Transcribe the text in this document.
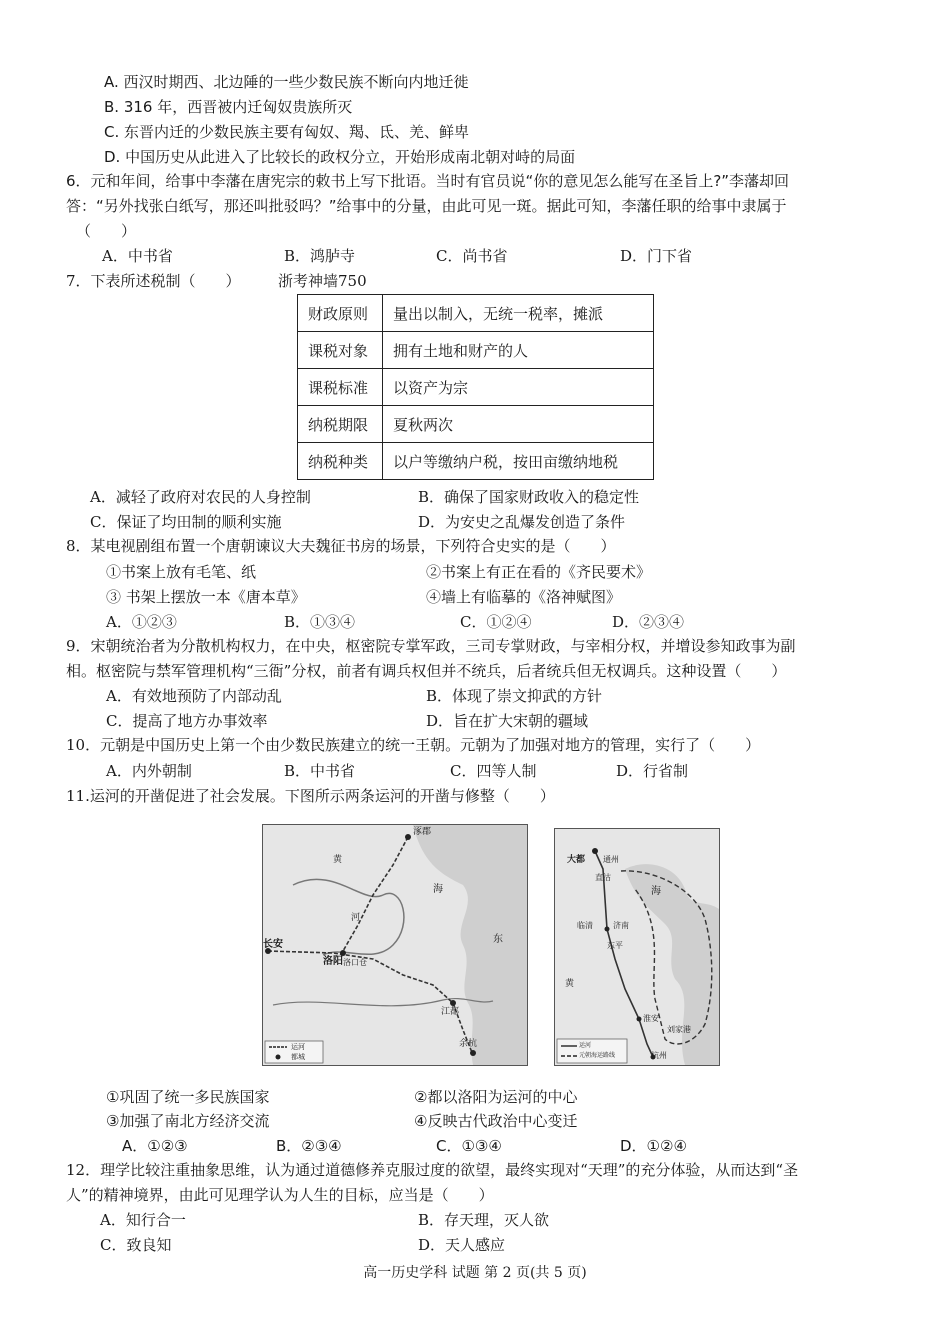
A. 西汉时期西、北边陲的一些少数民族不断向内地迁徙
B. 316 年，西晋被内迁匈奴贵族所灭
C. 东晋内迁的少数民族主要有匈奴、羯、氐、羌、鲜卑
D. 中国历史从此进入了比较长的政权分立，开始形成南北朝对峙的局面
6．元和年间，给事中李藩在唐宪宗的敕书上写下批语。当时有官员说“你的意见怎么能写在圣旨上?”李藩却回
答：“另外找张白纸写，那还叫批驳吗？”给事中的分量，由此可见一斑。据此可知，李藩任职的给事中隶属于
（　　）
A．中书省	B．鸿胪寺	C．尚书省	D．门下省
7．下表所述税制（　　） 浙考神墙750
财政原则	量出以制入，无统一税率，摊派
课税对象	拥有土地和财产的人
课税标准	以资产为宗
纳税期限	夏秋两次
纳税种类	以户等缴纳户税，按田亩缴纳地税
A．减轻了政府对农民的人身控制	B．确保了国家财政收入的稳定性
C．保证了均田制的顺利实施	D．为安史之乱爆发创造了条件
8．某电视剧组布置一个唐朝谏议大夫魏征书房的场景，下列符合史实的是（　　）
①书案上放有毛笔、纸	②书案上有正在看的《齐民要术》
③ 书架上摆放一本《唐本草》	④墙上有临摹的《洛神赋图》
A．①②③	B．①③④	C．①②④	D．②③④
9．宋朝统治者为分散机构权力，在中央，枢密院专掌军政，三司专掌财政，与宰相分权，并增设参知政事为副
相。枢密院与禁军管理机构“三衙”分权，前者有调兵权但并不统兵，后者统兵但无权调兵。这种设置（　　）
A．有效地预防了内部动乱	B．体现了崇文抑武的方针
C．提高了地方办事效率	D．旨在扩大宋朝的疆域
10．元朝是中国历史上第一个由少数民族建立的统一王朝。元朝为了加强对地方的管理，实行了（　　）
A．内外朝制	B．中书省	C．四等人制	D．行省制
11.运河的开凿促进了社会发展。下图所示两条运河的开凿与修整（　　）
涿郡
长安
洛阳 洛口仓
江都
余杭
黄
河
海
东
运河
都城
大都 通州
直沽
临清	济南
东平
淮安
刘家港
杭州
黄
海
运河
元朝海运路线
①巩固了统一多民族国家	②都以洛阳为运河的中心
③加强了南北方经济交流	④反映古代政治中心变迁
A．①②③	B．②③④	C．①③④	D．①②④
12．理学比较注重抽象思维，认为通过道德修养克服过度的欲望，最终实现对“天理”的充分体验，从而达到“圣
人”的精神境界，由此可见理学认为人生的目标，应当是（　　）
A．知行合一	B．存天理，灭人欲
C．致良知	D．天人感应
高一历史学科 试题 第 2 页(共 5 页)
